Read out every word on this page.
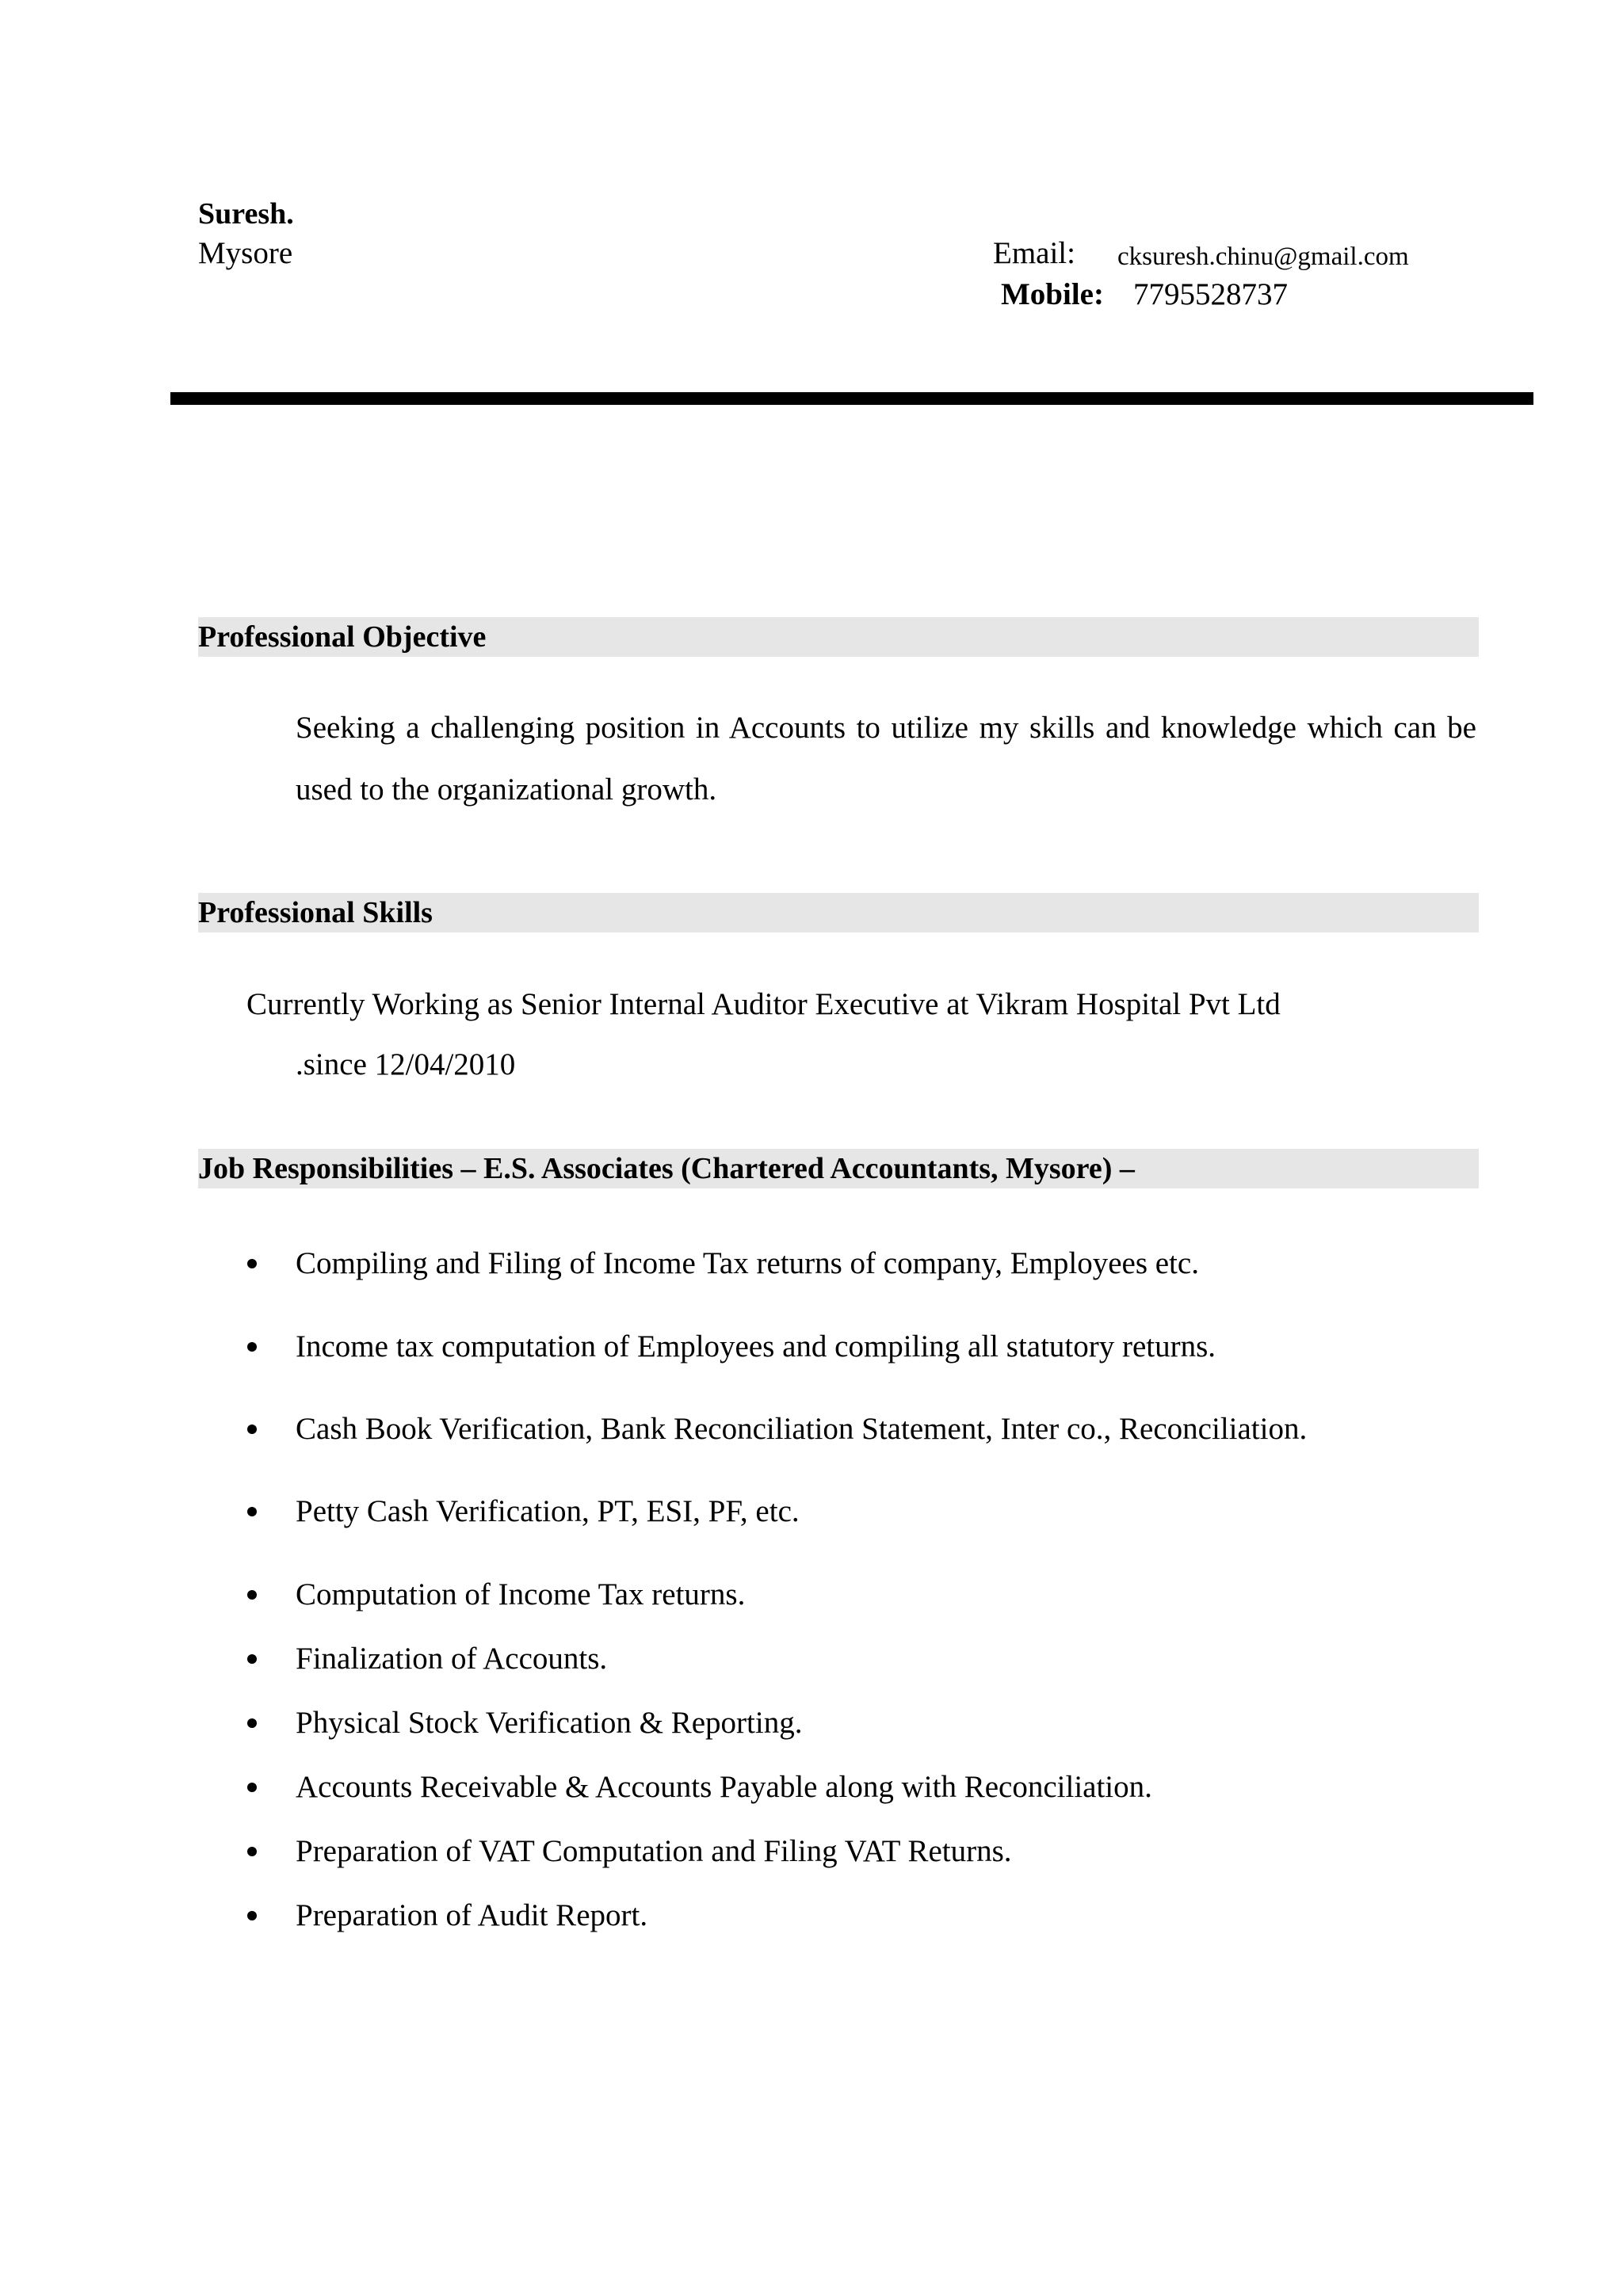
Suresh.
Mysore	Email: cksuresh.chinu@gmail.com
Mobile: 7795528737
Professional Objective
Seeking a challenging position in Accounts to utilize my skills and knowledge which can be used to the organizational growth.
Professional Skills
Currently Working as Senior Internal Auditor Executive at Vikram Hospital Pvt Ltd
.since 12/04/2010
Job Responsibilities – E.S. Associates (Chartered Accountants, Mysore) –
Compiling and Filing of Income Tax returns of company, Employees etc.
Income tax computation of Employees and compiling all statutory returns.
Cash Book Verification, Bank Reconciliation Statement, Inter co., Reconciliation.
Petty Cash Verification, PT, ESI, PF, etc.
Computation of Income Tax returns.
Finalization of Accounts.
Physical Stock Verification & Reporting.
Accounts Receivable & Accounts Payable along with Reconciliation.
Preparation of VAT Computation and Filing VAT Returns.
Preparation of Audit Report.
